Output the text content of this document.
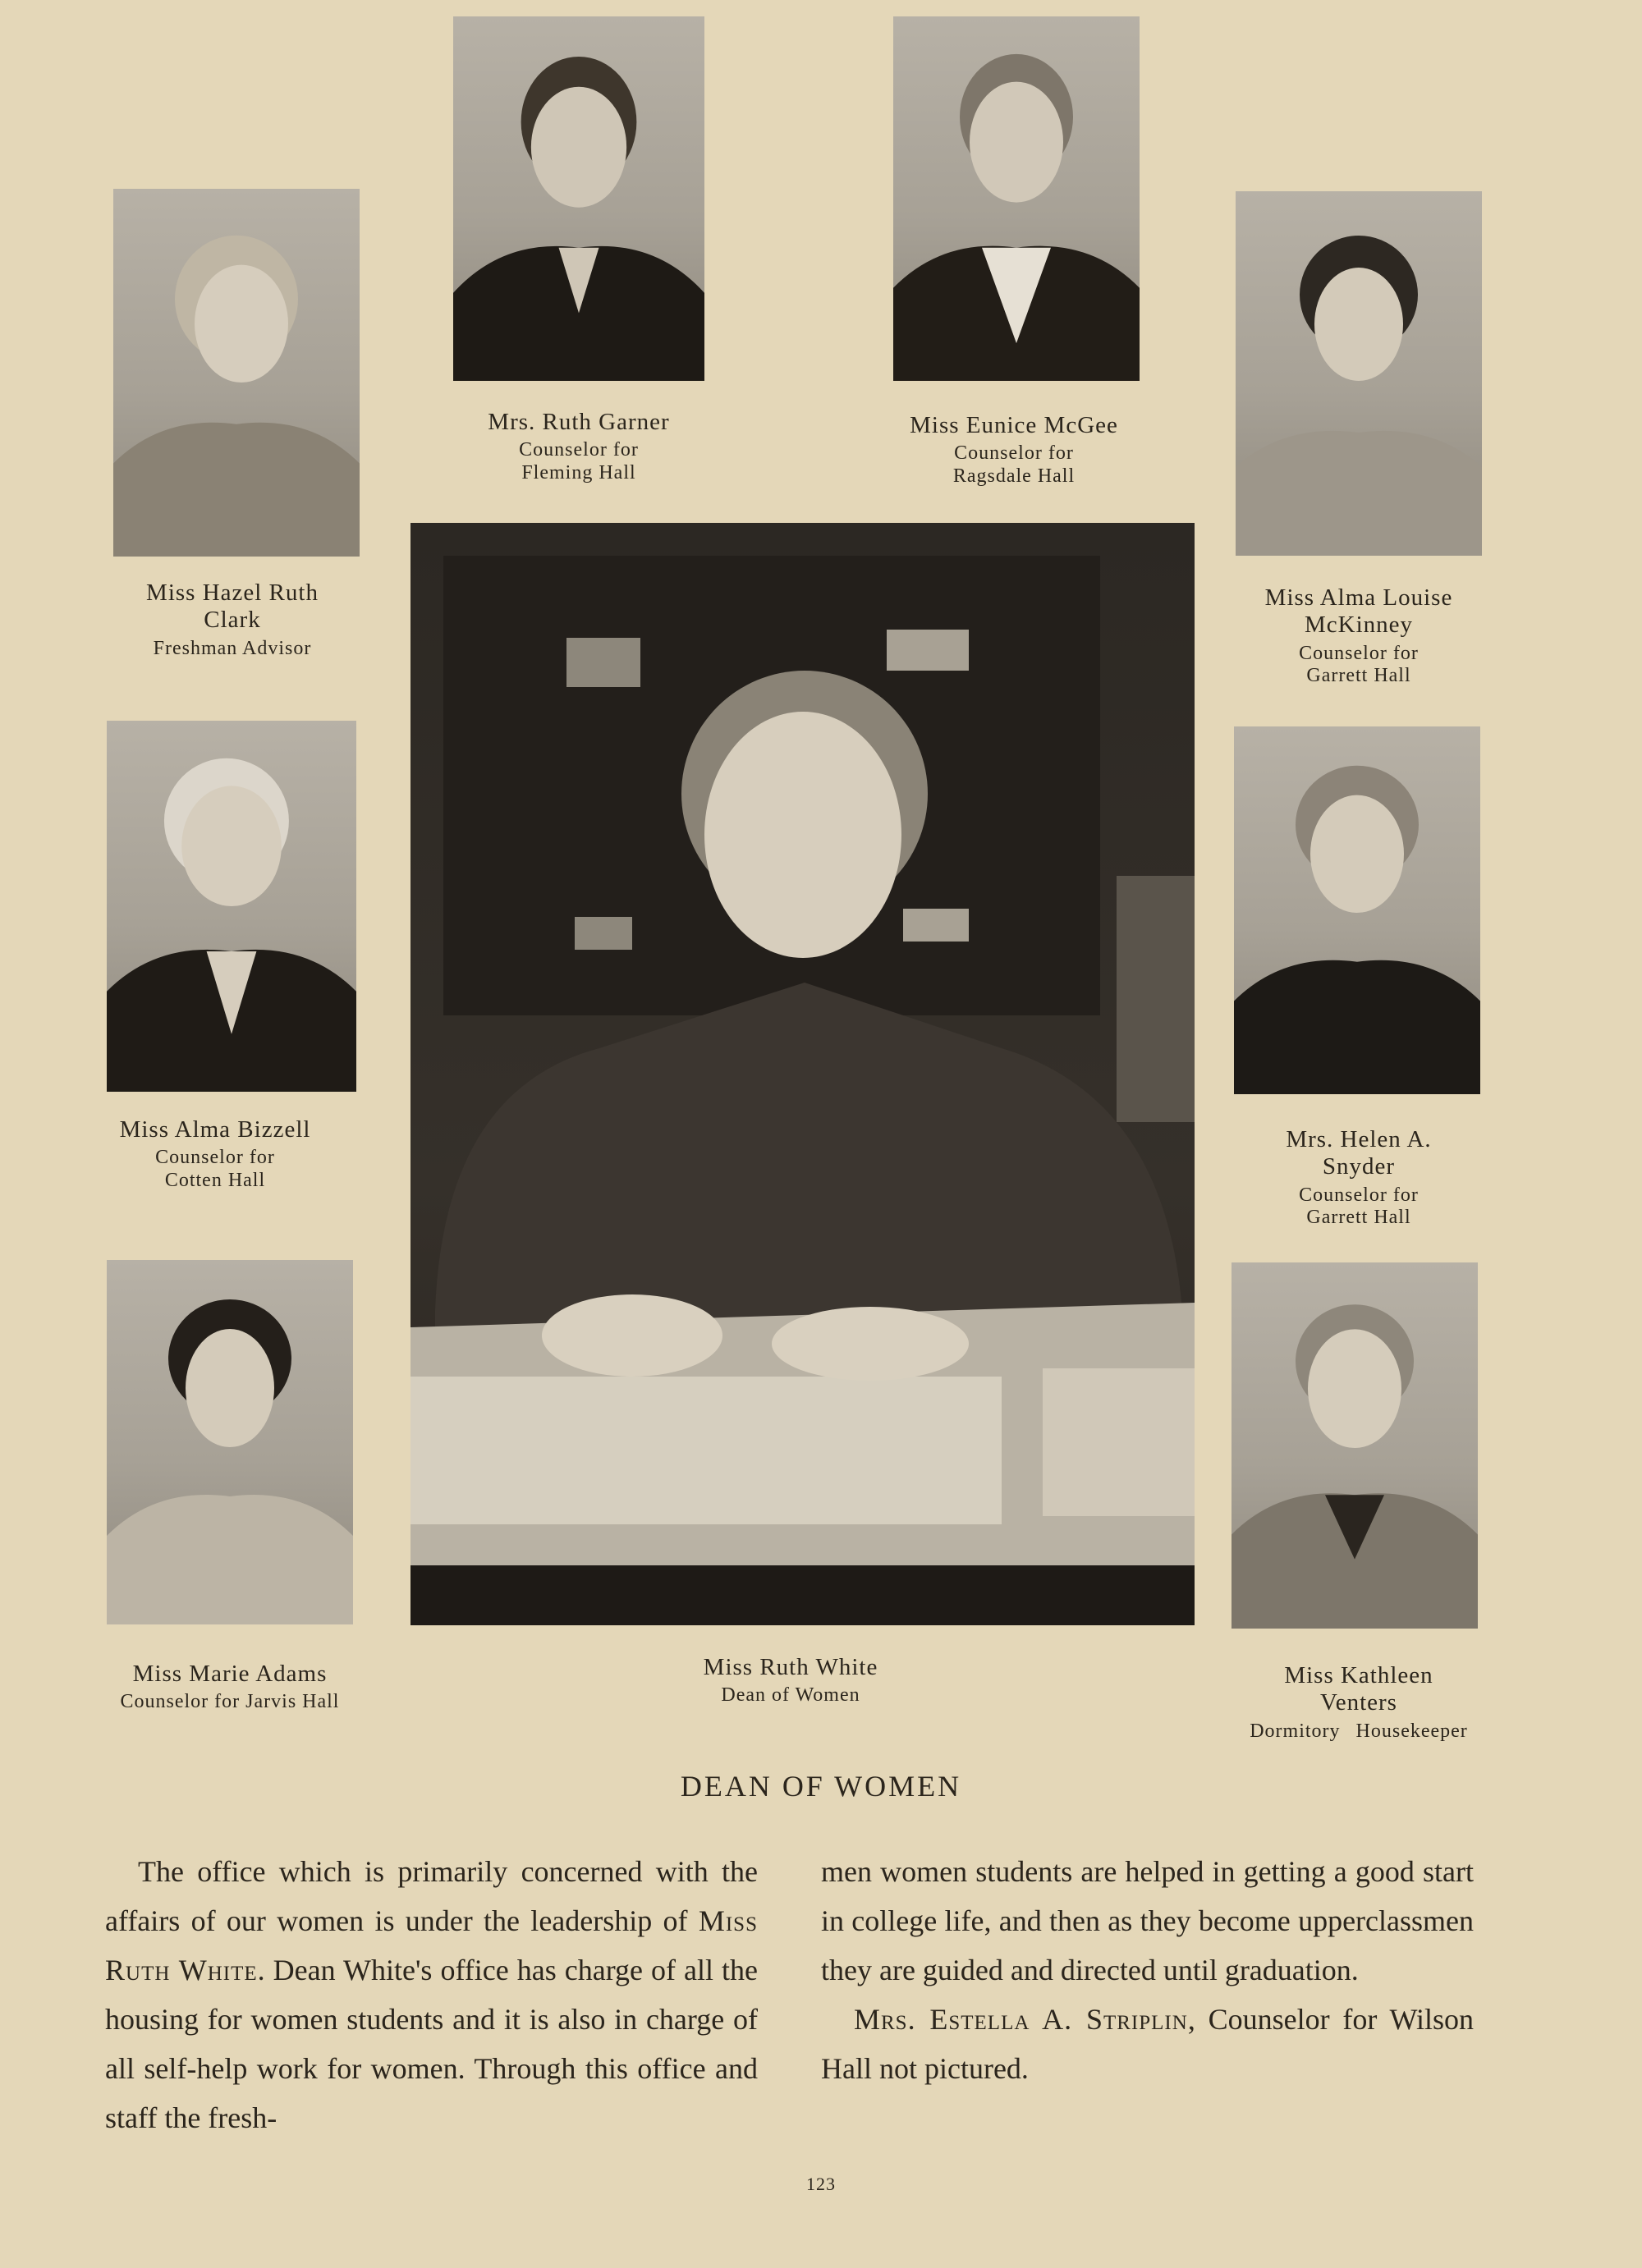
Mrs. Ruth Garner
Counselor for
Fleming Hall
Miss Eunice McGee
Counselor for
Ragsdale Hall
Miss Hazel Ruth
Clark
Freshman Advisor
Miss Alma Louise
McKinney
Counselor for
Garrett Hall
Miss Ruth White
Dean of Women
Miss Alma Bizzell
Counselor for
Cotten Hall
Mrs. Helen A.
Snyder
Counselor for
Garrett Hall
Miss Marie Adams
Counselor for Jarvis Hall
Miss Kathleen
Venters
Dormitory Housekeeper
DEAN OF WOMEN

The office which is primarily concerned with the affairs of our women is under the leadership of Miss Ruth White. Dean White's office has charge of all the housing for women students and it is also in charge of all self-help work for women. Through this office and staff the fresh-

men women students are helped in getting a good start in college life, and then as they become upperclassmen they are guided and directed until graduation.

Mrs. Estella A. Striplin, Counselor for Wilson Hall not pictured.

123
